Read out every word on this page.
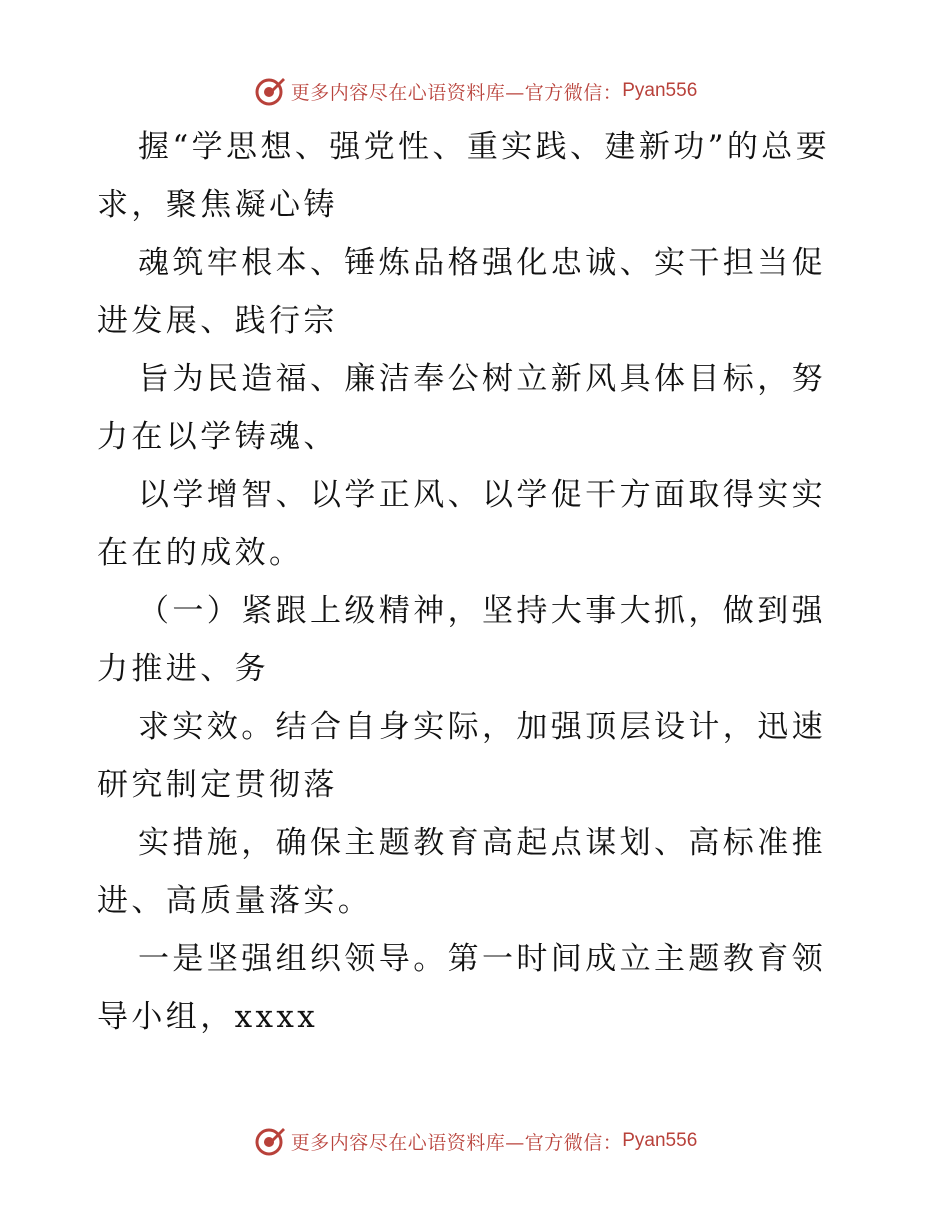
更多内容尽在心语资料库—官方微信： Pyan556

握“学思想、强党性、重实践、建新功”的总要求，聚焦凝心铸

魂筑牢根本、锤炼品格强化忠诚、实干担当促进发展、践行宗

旨为民造福、廉洁奉公树立新风具体目标，努力在以学铸魂、

以学增智、以学正风、以学促干方面取得实实在在的成效。

（一）紧跟上级精神，坚持大事大抓，做到强力推进、务

求实效。结合自身实际，加强顶层设计，迅速研究制定贯彻落

实措施，确保主题教育高起点谋划、高标准推进、高质量落实。

一是坚强组织领导。第一时间成立主题教育领导小组，xxxx

更多内容尽在心语资料库—官方微信： Pyan556
